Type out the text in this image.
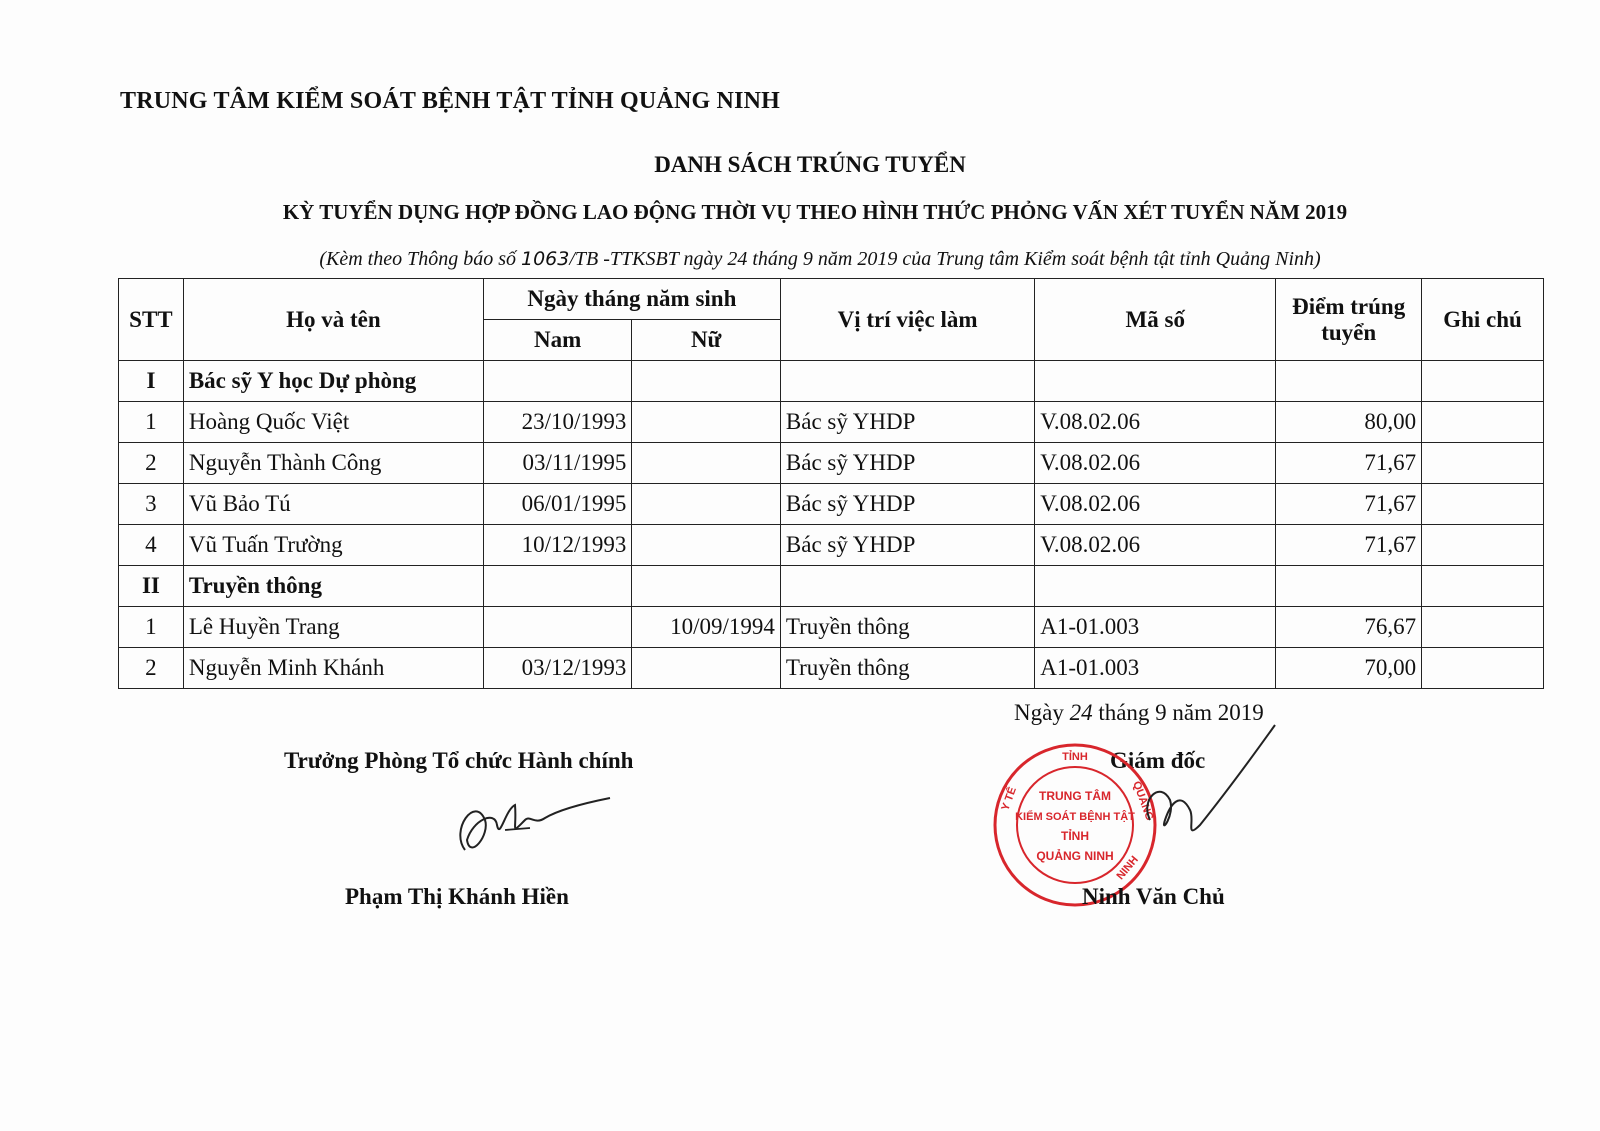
TRUNG TÂM KIỂM SOÁT BỆNH TẬT TỈNH QUẢNG NINH
DANH SÁCH TRÚNG TUYỂN
KỲ TUYỂN DỤNG HỢP ĐỒNG LAO ĐỘNG THỜI VỤ THEO HÌNH THỨC PHỎNG VẤN XÉT TUYỂN NĂM 2019
(Kèm theo Thông báo số 1063/TB -TTKSBT ngày 24 tháng 9 năm 2019 của Trung tâm Kiểm soát bệnh tật tỉnh Quảng Ninh)
STT	Họ và tên	Ngày tháng năm sinh		Vị trí việc làm	Mã số	Điểm trúng tuyển	Ghi chú
		Nam	Nữ				
I	Bác sỹ Y học Dự phòng						
1	Hoàng Quốc Việt	23/10/1993		Bác sỹ YHDP	V.08.02.06	80,00	
2	Nguyễn Thành Công	03/11/1995		Bác sỹ YHDP	V.08.02.06	71,67	
3	Vũ Bảo Tú	06/01/1995		Bác sỹ YHDP	V.08.02.06	71,67	
4	Vũ Tuấn Trường	10/12/1993		Bác sỹ YHDP	V.08.02.06	71,67	
II	Truyền thông						
1	Lê Huyền Trang		10/09/1994	Truyền thông	A1-01.003	76,67	
2	Nguyễn Minh Khánh	03/12/1993		Truyền thông	A1-01.003	70,00	
Ngày 24 tháng 9 năm 2019
Trưởng Phòng Tổ chức Hành chính	Giám đốc
TỈNH
Y TẾ	QUẢNG
NINH
TRUNG TÂM
KIỂM SOÁT BỆNH TẬT
TỈNH
QUẢNG NINH
Phạm Thị Khánh Hiền	Ninh Văn Chủ
